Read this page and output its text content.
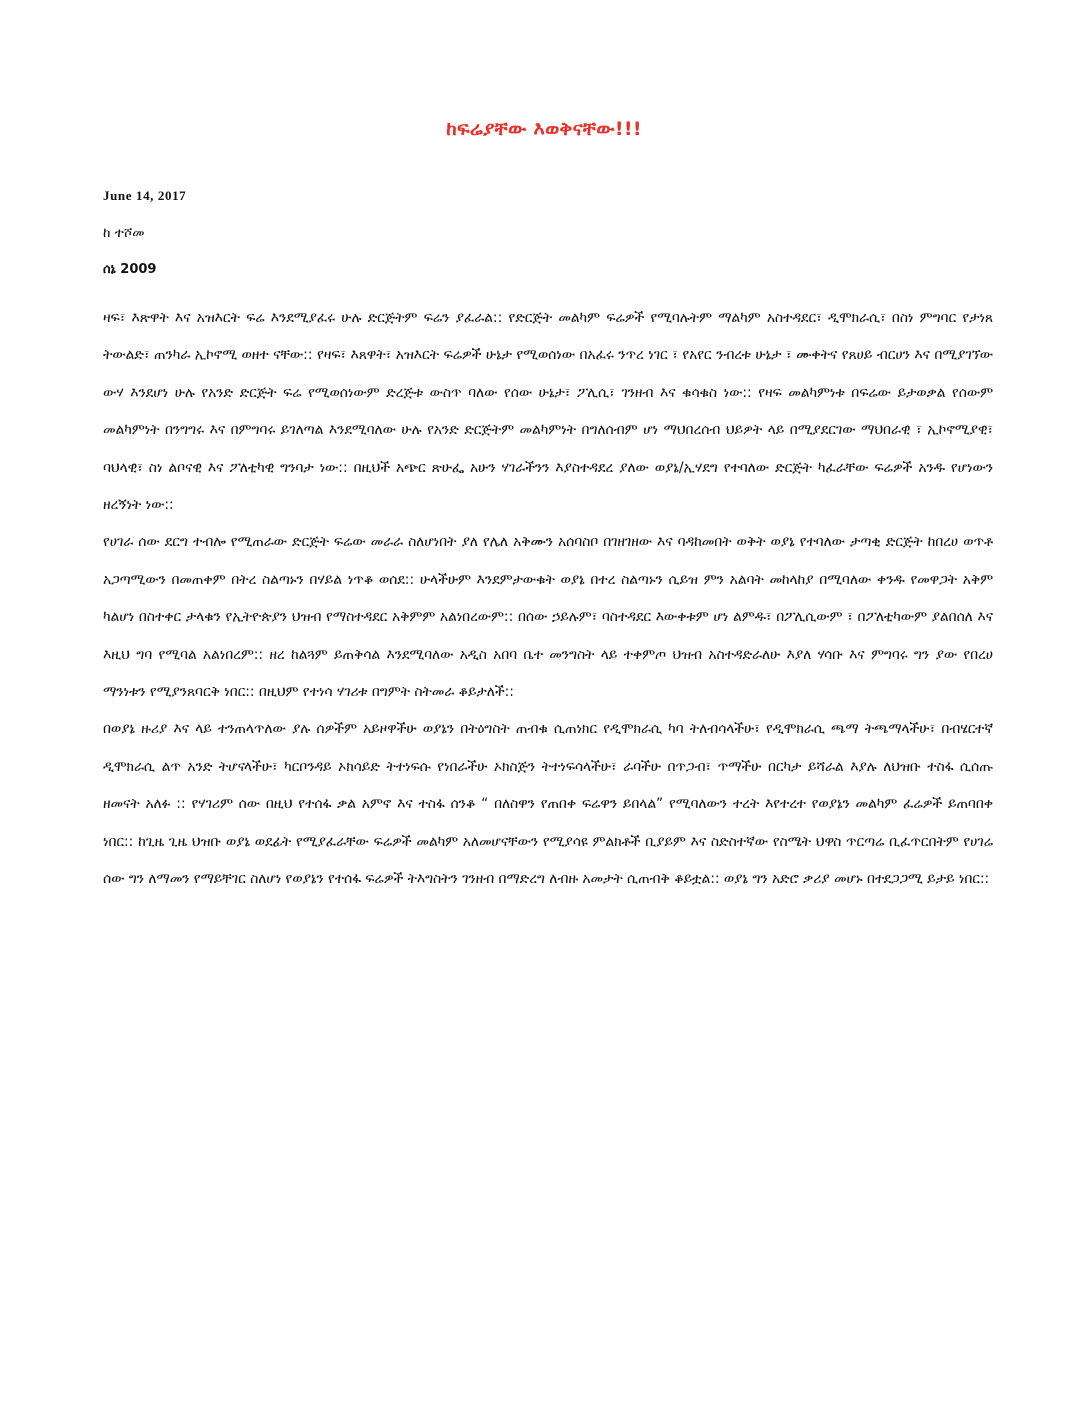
ከፍሬያቸው እወቅናቸው!!!
June 14, 2017
ከ ተሾመ
ሰኔ 2009

ዛፍ፣ እጽዋት እና አዝእርት ፍሬ እንደሚያፈሩ ሁሉ ድርጅትም ፍሬን ያፈራል:: የድርጅት መልካም ፍሬዎች የሚባሉትም ማልካም አስተዳደር፣ ዲሞክራሲ፣ በስነ ምግባር የታነጸ ትውልድ፣ ጠንካራ ኢኮኖሚ ወዘተ ናቸው:: የዛፍ፣ እጸዋት፣ አዝእርት ፍሬዎች ሁኔታ የሚወሰነው በአፈሩ ንጥረ ነገር ፣ የአየር ንብረቱ ሁኔታ ፣ ሙቀትና የጸሀይ ብርሀን እና በሚያገኘው ውሃ እንደሆነ ሁሉ የአንድ ድርጅት ፍሬ የሚወሰነውም ድረጅቱ ውስጥ ባለው የሰው ሁኔታ፣ ፖሊሲ፣ ገንዘብ እና ቁሳቁስ ነው:: የዛፍ መልካምነቱ በፍሬው ይታወቃል የሰውም መልካምነት በንግግሩ እና በምግባሩ ይገለጣል እንደሚባለው ሁሉ የአንድ ድርጅትም መልካምነት በግለሰብም ሆነ ማህበረሰብ ህይዎት ላይ በሚያደርገው ማህበራዊ ፣ ኢኮኖሚያዊ፣ ባህላዊ፣ ስነ ልቦናዊ እና ፖለቲካዊ ግንባታ ነው:: በዚህች አጭር ጽሁፌ አሁን ሃገራችንን እያስተዳደረ ያለው ወያኔ/ኢሃደግ የተባለው ድርጅት ካፈራቸው ፍሬዎች አንዱ የሆነውን ዘረኝነት ነው::

የሀገራ ሰው ደርግ ተብሎ የሚጠራው ድርጅት ፍሬው መራራ ስለሆነበት ያለ የሌለ አቅሙን አሰባስቦ በገዘገዘው እና ባዳከመበት ወቅት ወያኔ የተባለው ታጣቂ ድርጅት ከበረሀ ወጥቶ አጋጣሚውን በመጠቀም በትረ ስልጣኑን በሃይል ነጥቆ ወሰደ:: ሁላችሁም እንደምታውቁት ወያኔ በተረ ስልጣኑን ሲይዝ ምን አልባት መከላከያ በሚባለው ቀንዱ የመዋጋት አቅም ካልሆነ በስተቀር ታላቁን የኢትዮጵያን ህዝብ የማስተዳደር አቅምም አልነበረውም:: በሰው ኃይሉም፣ ባስተዳደር እውቀቱም ሆነ ልምዱ፣ በፖሊሲውም ፣ በፖለቲካውም ያልበሰለ እና እዚህ ግባ የሚባል አልነበረም:: ዘረ ከልጓም ይጠቅሳል እንደሚባለው አዲስ አበባ ቤተ መንግስት ላይ ተቀምጦ ህዝብ አስተዳድራለሁ እያለ ሃሳቡ እና ምግባሩ ግን ያው የበረሀ ማንነቱን የሚያንጸባርቅ ነበር:: በዚህም የተነሳ ሃገሪቱ በግምት ስትመራ ቆይታለች::

በወያኔ ዙሪያ እና ላይ ተንጠላጥለው ያሉ ሰዎችም አይዞዋችሁ ወያኔን በትዕግስት ጠብቁ ሲጠነክር የዲሞክራሲ ካባ ትለብሳላችሁ፣ የዲሞክራሲ ጫማ ትጫማላችሁ፣ በብሄርተኛ ዲሞክራሲ ልጥ አንድ ትሆናላችሁ፣ ካርቦንዳይ ኦክሳይድ ትተነፍሱ የነበራችሁ ኦክስጅን ትተነፍሳላችሁ፣ ራባችሁ በጥጋብ፣ ጥማችሁ በርካታ ይሻራል እያሉ ለህዝቡ ተስፋ ሲሰጡ ዘመናት አለፉ :: የሃገሪም ሰው በዚህ የተሰፋ ቃል አምኖ እና ተስፋ ሰንቆ “ በለስዋን የጠበቀ ፍሬዋን ይበላል” የሚባለውን ተረት እየተረተ የወያኔን መልካም ፈሬዎች ይጠባበቀ ነበር:: ከጊዜ ጊዜ ህዝቡ ወያኔ ወደፊት የሚያፈራቸው ፍሬዎች መልካም አለመሆናቸውን የሚያሳዩ ምልክቶች ቢያይም እና ስድስተኛው የስሜት ህዋስ ጥርጣሬ ቢፈጥርበትም የሀገሬ ሰው ግን ለማመን የማይቸገር ስለሆነ የወያኔን የተሰፋ ፍሬዎች ትእግስትን ገንዘብ በማድረግ ለብዙ አመታት ሲጠብቅ ቆይቷል:: ወያኔ ግን አድሮ ቃሪያ መሆኑ በተደጋጋሚ ይታይ ነበር::
